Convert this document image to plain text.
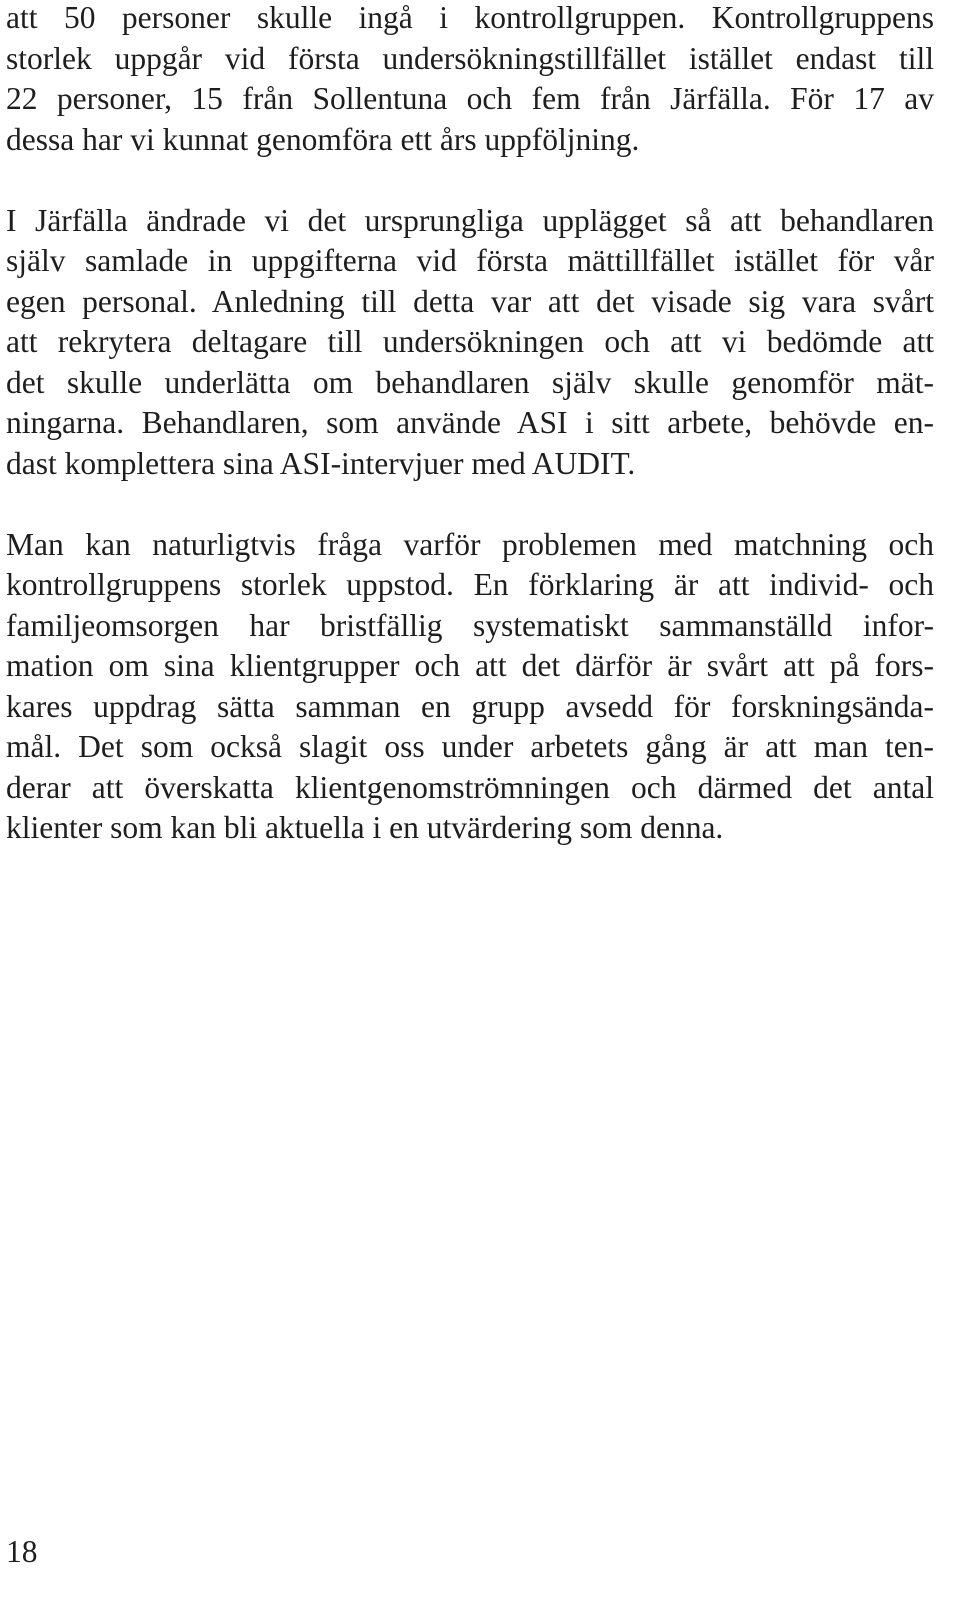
att 50 personer skulle ingå i kontrollgruppen. Kontrollgruppens
storlek uppgår vid första undersökningstillfället istället endast till
22 personer, 15 från Sollentuna och fem från Järfälla. För 17 av
dessa har vi kunnat genomföra ett års uppföljning.
I Järfälla ändrade vi det ursprungliga upplägget så att behandlaren
själv samlade in uppgifterna vid första mättillfället istället för vår
egen personal. Anledning till detta var att det visade sig vara svårt
att rekrytera deltagare till undersökningen och att vi bedömde att
det skulle underlätta om behandlaren själv skulle genomför mät-
ningarna. Behandlaren, som använde ASI i sitt arbete, behövde en-
dast komplettera sina ASI-intervjuer med AUDIT.
Man kan naturligtvis fråga varför problemen med matchning och
kontrollgruppens storlek uppstod. En förklaring är att individ- och
familjeomsorgen har bristfällig systematiskt sammanställd infor-
mation om sina klientgrupper och att det därför är svårt att på fors-
kares uppdrag sätta samman en grupp avsedd för forskningsända-
mål. Det som också slagit oss under arbetets gång är att man ten-
derar att överskatta klientgenomströmningen och därmed det antal
klienter som kan bli aktuella i en utvärdering som denna.
18
